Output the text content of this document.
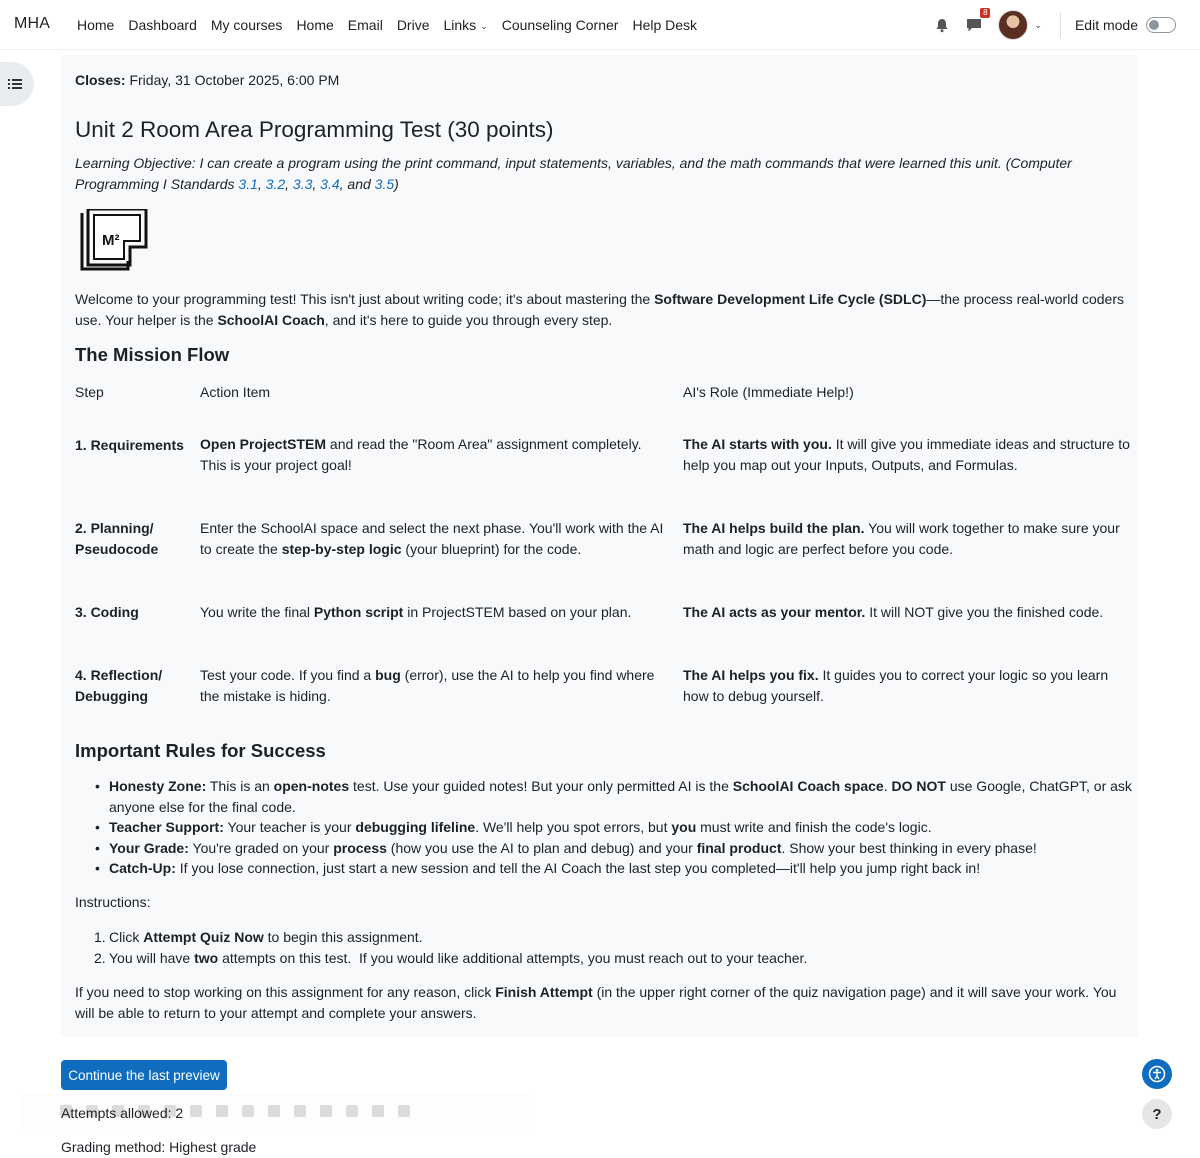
MHA	Home	Dashboard	My courses	Home	Email	Drive	Links ⌄	Counseling Corner	Help Desk
8
⌄ Edit mode
Closes: Friday, 31 October 2025, 6:00 PM
Unit 2 Room Area Programming Test (30 points)
Learning Objective: I can create a program using the print command, input statements, variables, and the math commands that were learned this unit. (Computer Programming I Standards 3.1, 3.2, 3.3, 3.4, and 3.5)
M²
Welcome to your programming test! This isn't just about writing code; it's about mastering the Software Development Life Cycle (SDLC)—the process real-world coders use. Your helper is the SchoolAI Coach, and it's here to guide you through every step.
The Mission Flow
Step	Action Item	AI's Role (Immediate Help!)
1. Requirements	Open ProjectSTEM and read the "Room Area" assignment completely. This is your project goal!	The AI starts with you. It will give you immediate ideas and structure to help you map out your Inputs, Outputs, and Formulas.
2. Planning/
Pseudocode	Enter the SchoolAI space and select the next phase. You'll work with the AI to create the step-by-step logic (your blueprint) for the code.	The AI helps build the plan. You will work together to make sure your math and logic are perfect before you code.
3. Coding	You write the final Python script in ProjectSTEM based on your plan.	The AI acts as your mentor. It will NOT give you the finished code.
4. Reflection/
Debugging	Test your code. If you find a bug (error), use the AI to help you find where the mistake is hiding.	The AI helps you fix. It guides you to correct your logic so you learn how to debug yourself.
Important Rules for Success
• Honesty Zone: This is an open-notes test. Use your guided notes! But your only permitted AI is the SchoolAI Coach space. DO NOT use Google, ChatGPT, or ask anyone else for the final code.
• Teacher Support: Your teacher is your debugging lifeline. We'll help you spot errors, but you must write and finish the code's logic.
• Your Grade: You're graded on your process (how you use the AI to plan and debug) and your final product. Show your best thinking in every phase!
• Catch-Up: If you lose connection, just start a new session and tell the AI Coach the last step you completed—it'll help you jump right back in!
Instructions:
1. Click Attempt Quiz Now to begin this assignment.
2. You will have two attempts on this test.  If you would like additional attempts, you must reach out to your teacher.
If you need to stop working on this assignment for any reason, click Finish Attempt (in the upper right corner of the quiz navigation page) and it will save your work. You will be able to return to your attempt and complete your answers.
Continue the last preview
Attempts allowed: 2
Grading method: Highest grade
?
